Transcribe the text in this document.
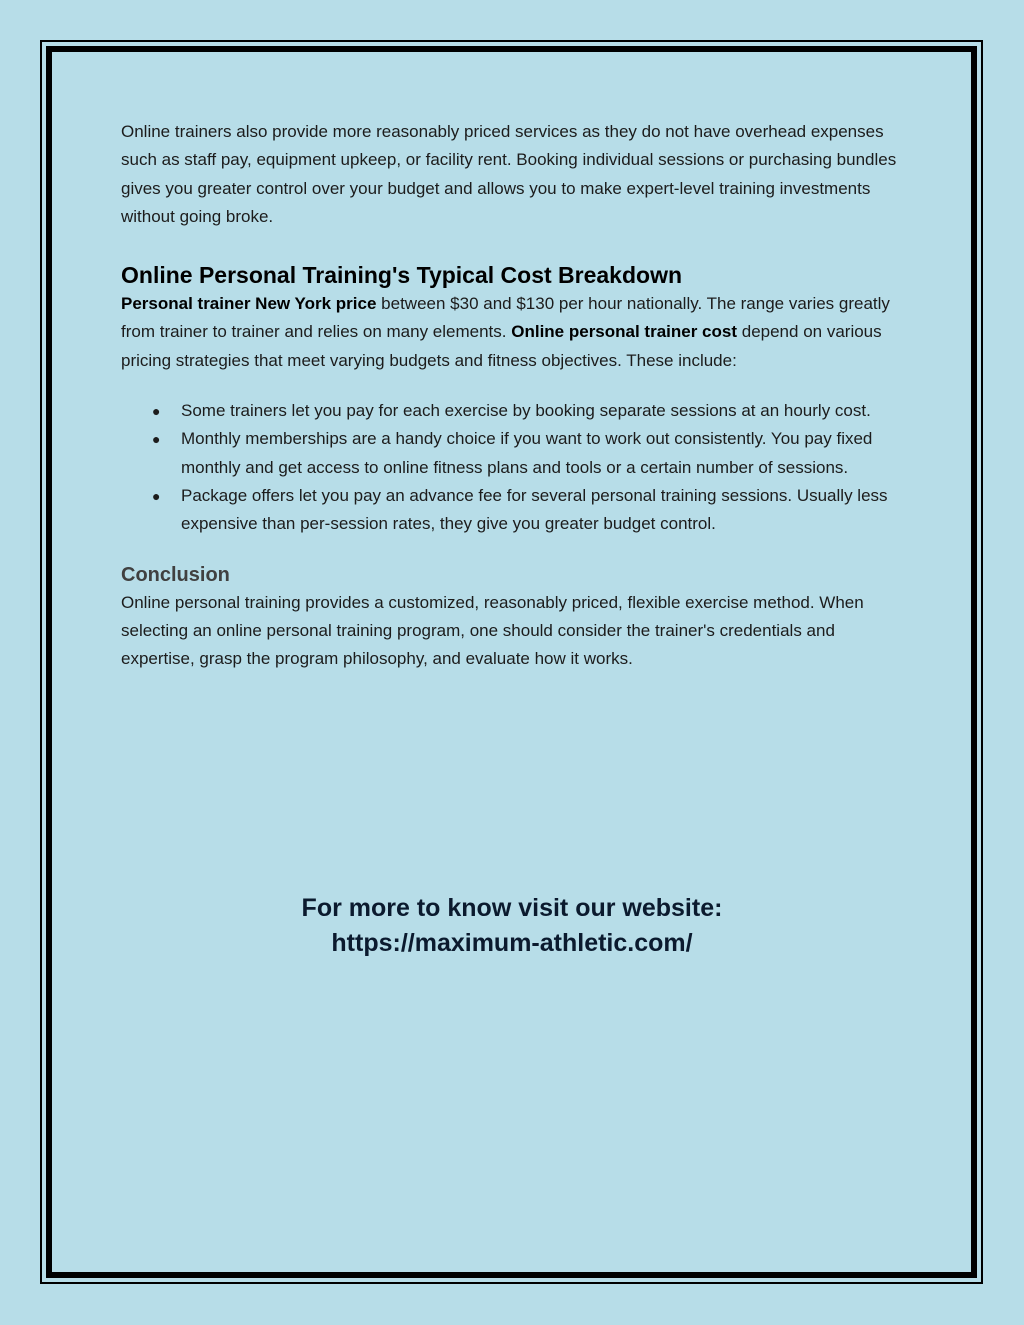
Online trainers also provide more reasonably priced services as they do not have overhead expenses such as staff pay, equipment upkeep, or facility rent. Booking individual sessions or purchasing bundles gives you greater control over your budget and allows you to make expert-level training investments without going broke.

Online Personal Training's Typical Cost Breakdown

Personal trainer New York price between $30 and $130 per hour nationally. The range varies greatly from trainer to trainer and relies on many elements. Online personal trainer cost depend on various pricing strategies that meet varying budgets and fitness objectives. These include:

● Some trainers let you pay for each exercise by booking separate sessions at an hourly cost.
● Monthly memberships are a handy choice if you want to work out consistently. You pay fixed monthly and get access to online fitness plans and tools or a certain number of sessions.
● Package offers let you pay an advance fee for several personal training sessions. Usually less expensive than per-session rates, they give you greater budget control.
Conclusion

Online personal training provides a customized, reasonably priced, flexible exercise method. When selecting an online personal training program, one should consider the trainer's credentials and expertise, grasp the program philosophy, and evaluate how it works.

For more to know visit our website:
https://maximum-athletic.com/
